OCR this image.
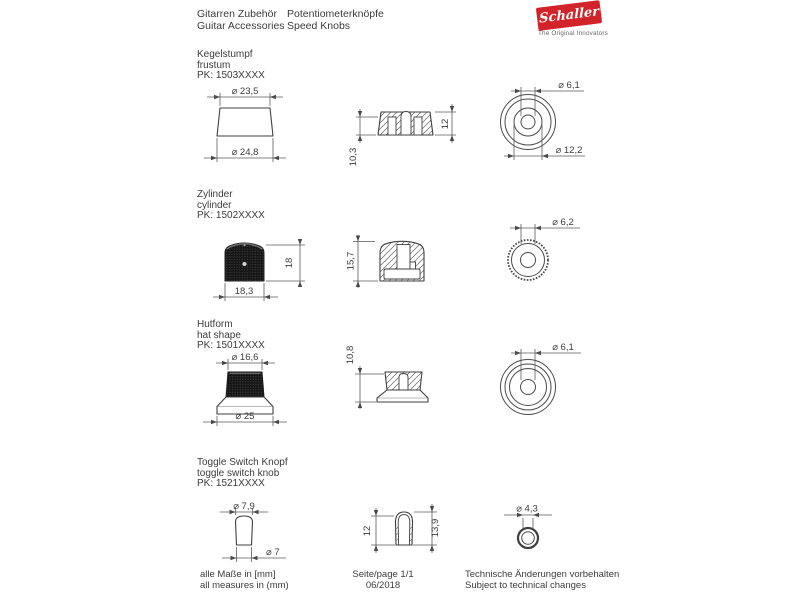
Gitarren Zubehör
Guitar Accessories
Potentiometerknöpfe
Speed Knobs	Schaller
The Original Innovators
Kegelstumpf
frustum
PK: 1503XXXX
Zylinder
cylinder
PK: 1502XXXX
Hutform
hat shape
PK: 1501XXXX
Toggle Switch Knopf
toggle switch knob
PK: 1521XXXX
⌀ 23,5
⌀ 24,8
12
10,3
⌀ 6,1
⌀ 12,2
18,3
18	15,7
⌀ 6,2
⌀ 16,6
⌀ 25
10,8	⌀ 6,1
⌀ 7,9
⌀ 7
12	13,9
⌀ 4,3
alle Maße in [mm]
all measures in (mm)
Seite/page 1/1
06/2018
Technische Änderungen vorbehalten
Subject to technical changes
